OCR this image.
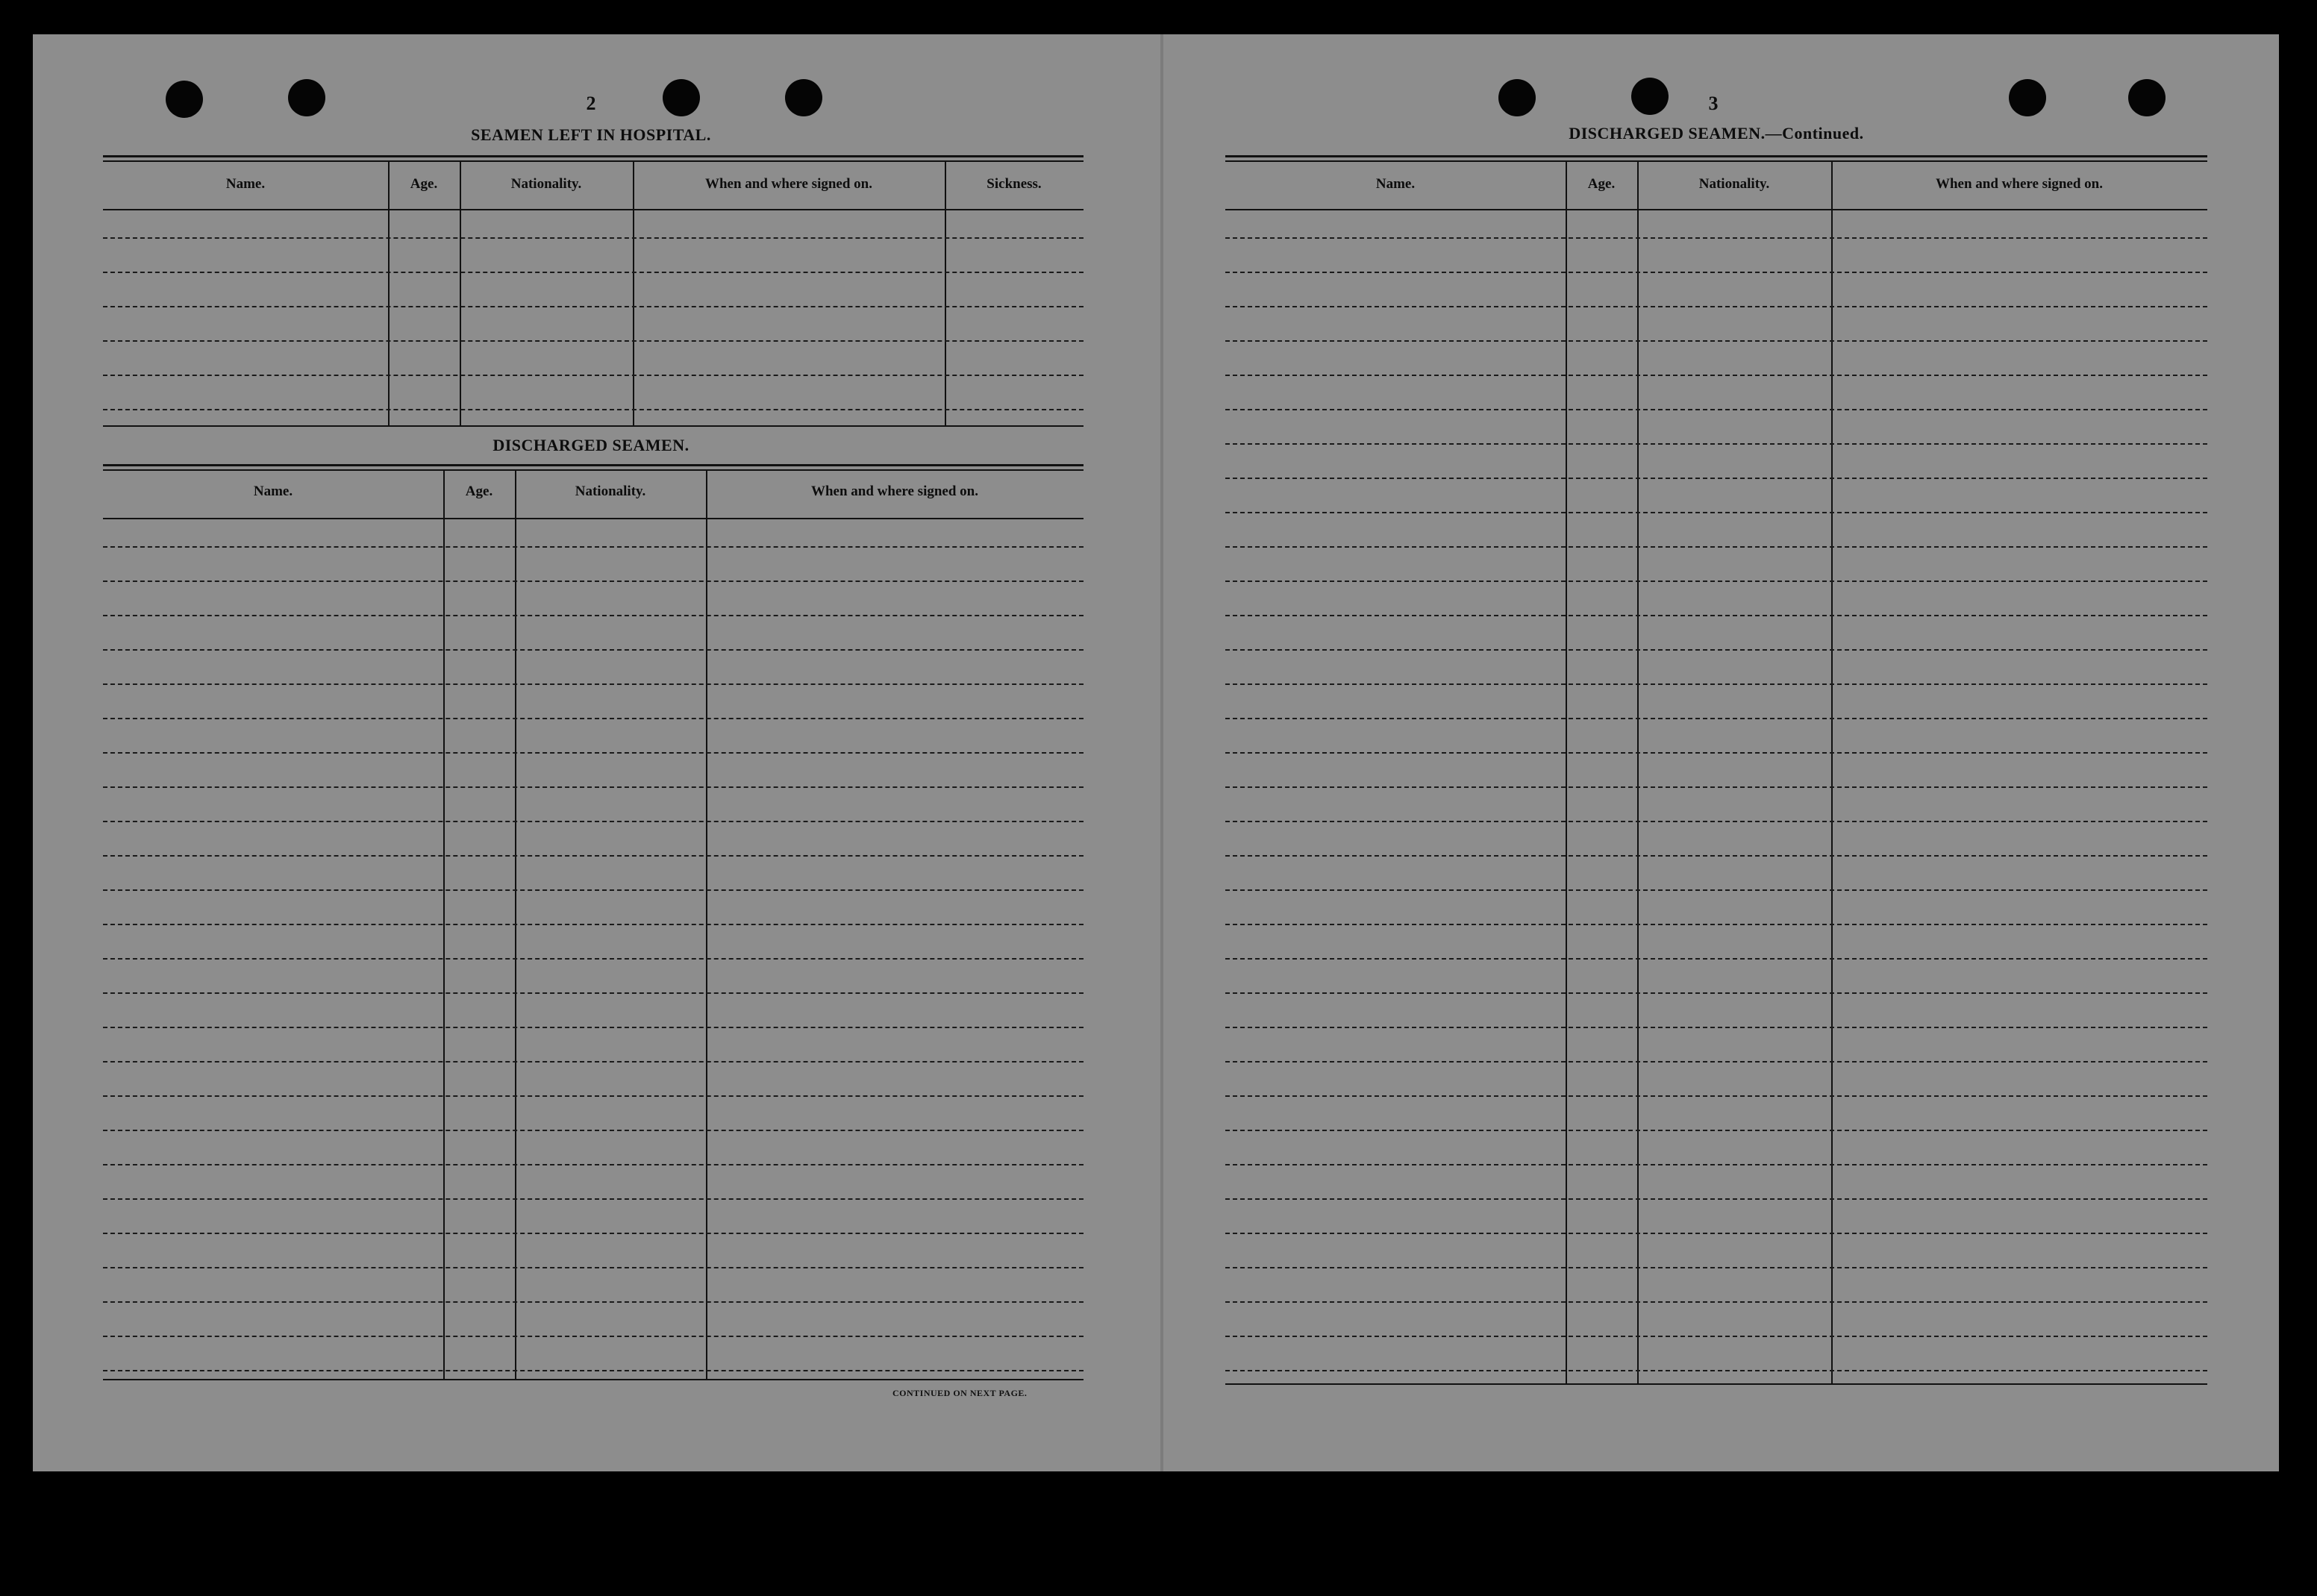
2	3
SEAMEN LEFT IN HOSPITAL.
DISCHARGED SEAMEN.
DISCHARGED SEAMEN.—Continued.
CONTINUED ON NEXT PAGE.
Name.	Age.	Nationality.	When and where signed on.	Sickness.
Name.	Age.	Nationality.	When and where signed on.
Name.	Age.	Nationality.	When and where signed on.
